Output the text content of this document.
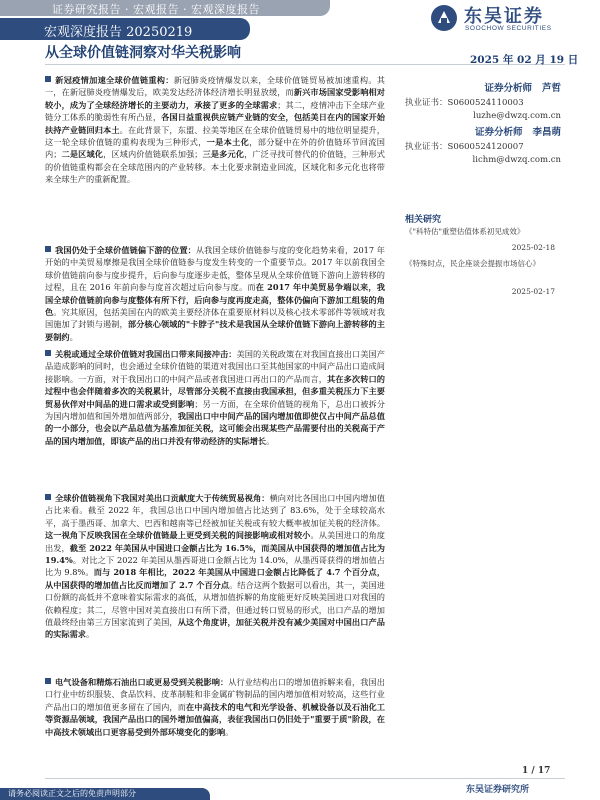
证券研究报告 · 宏观报告 · 宏观深度报告
宏观深度报告 20250219
从全球价值链洞察对华关税影响
东吴证券
SOOCHOW SECURITIES
2025 年 02 月 19 日
新冠疫情加速全球价值链重构：新冠肺炎疫情爆发以来，全球价值链贸易被加速重构。其一，在新冠肺炎疫情爆发后，欧美发达经济体经济增长明显放缓，而新兴市场国家受影响相对较小，成为了全球经济增长的主要动力，承接了更多的全球需求；其二，疫情冲击下全球产业链分工体系的脆弱性有所凸显，各国日益重视供应链产业链的安全，包括美日在内的国家开始扶持产业链回归本土。在此背景下，东盟、拉美等地区在全球价值链贸易中的地位明显提升，这一轮全球价值链的重构表现为三种形式，一是本土化，部分疑中在外的价值链环节回流国内；二是区域化，区域内价值链联系加强；三是多元化，广泛寻找可替代的价值链，三种形式的价值链重构都会在全球范围内的产业转移。本土化要求制造业回流，区域化和多元化也将带来全球生产的重新配置。
我国仍处于全球价值链偏下游的位置：从我国全球价值链参与度的变化趋势来看，2017 年开始的中美贸易摩擦是我国全球价值链参与度发生转变的一个重要节点。2017 年以前我国全球价值链前向参与度步提升，后向参与度逐步走低，整体呈现从全球价值链下游向上游转移的过程，且在 2016 年前向参与度首次超过后向参与度。而在 2017 年中美贸易争端以来，我国全球价值链前向参与度整体有所下行，后向参与度再度走高，整体仍偏向下游加工组装的角色。究其原因，包括美国在内的欧美主要经济体在重要原材料以及核心技术零部件等领域对我国施加了封锁与遏制，部分核心领域的"卡脖子"技术是我国从全球价值链下游向上游转移的主要制约。
关税或通过全球价值链对我国出口带来间接冲击：美国的关税政策在对我国直接出口美国产品造成影响的同时，也会通过全球价值链的渠道对我国出口至其他国家的中间产品出口造成间接影响。一方面，对于我国出口的中间产品或者我国进口再出口的产品而言，其在多次转口的过程中也会伴随着多次的关税累计，尽管部分关税不直接由我国承担，但多重关税压力下主要贸易伙伴对中间品的进口需求或受到影响；另一方面，在全球价值链的视角下，总出口被拆分为国内增加值和国外增加值两部分，我国出口中中间产品的国内增加值即使仅占中间产品总值的一小部分，也会以产品总值为基准加征关税，这可能会出现某些产品需要付出的关税高于产品的国内增加值，即该产品的出口并没有带动经济的实际增长。
全球价值链视角下我国对美出口贡献度大于传统贸易视角：横向对比各国出口中国内增加值占比来看。截至 2022 年，我国总出口中国内增加值占比达到了 83.6%，处于全球较高水平，高于墨西哥、加拿大、巴西和越南等已经被加征关税或有较大概率被加征关税的经济体。这一视角下反映我国在全球价值链最上更受到关税的间接影响或相对较小。从美国进口的角度出发，截至 2022 年美国从中国进口金额占比为 16.5%，而美国从中国获得的增加值占比为 19.4%。对比之下 2022 年美国从墨西哥进口金额占比为 14.0%，从墨西哥获得的增加值占比为 9.8%。而与 2018 年相比，2022 年美国从中国进口金额占比降低了 4.7 个百分点，从中国获得的增加值占比反而增加了 2.7 个百分点。结合这两个数据可以看出，其一，美国进口份额的高低并不意味着实际需求的高低，从增加值拆解的角度能更好反映美国进口对我国的依赖程度；其二，尽管中国对美直接出口有所下滑，但通过转口贸易的形式，出口产品的增加值最终经由第三方国家流到了美国，从这个角度讲，加征关税并没有减少美国对中国出口产品的实际需求。
电气设备和精炼石油出口或更易受到关税影响：从行业结构出口的增加值拆解来看，我国出口行业中纺织服装、食品饮料、皮革制鞋和非金属矿物制品的国内增加值相对较高，这些行业产品出口的增加值更多留在了国内，而在中高技术的电气和光学设备、机械设备以及石油化工等资源品领域，我国产品出口的国外增加值偏高，表征我国出口仍旧处于"重要于质"阶段，在中高技术领域出口更容易受到外部环境变化的影响。
证券分析师 芦哲
执业证书：S0600524110003
luzhe@dwzq.com.cn
证券分析师 李昌萌
执业证书：S0600524120007
lichm@dwzq.com.cn
相关研究
《"科特估"重塑估值体系初见成效》
2025-02-18
《特殊时点，民企座谈会提振市场信心》
2025-02-17
1 / 17
东吴证券研究所
请务必阅读正文之后的免责声明部分
